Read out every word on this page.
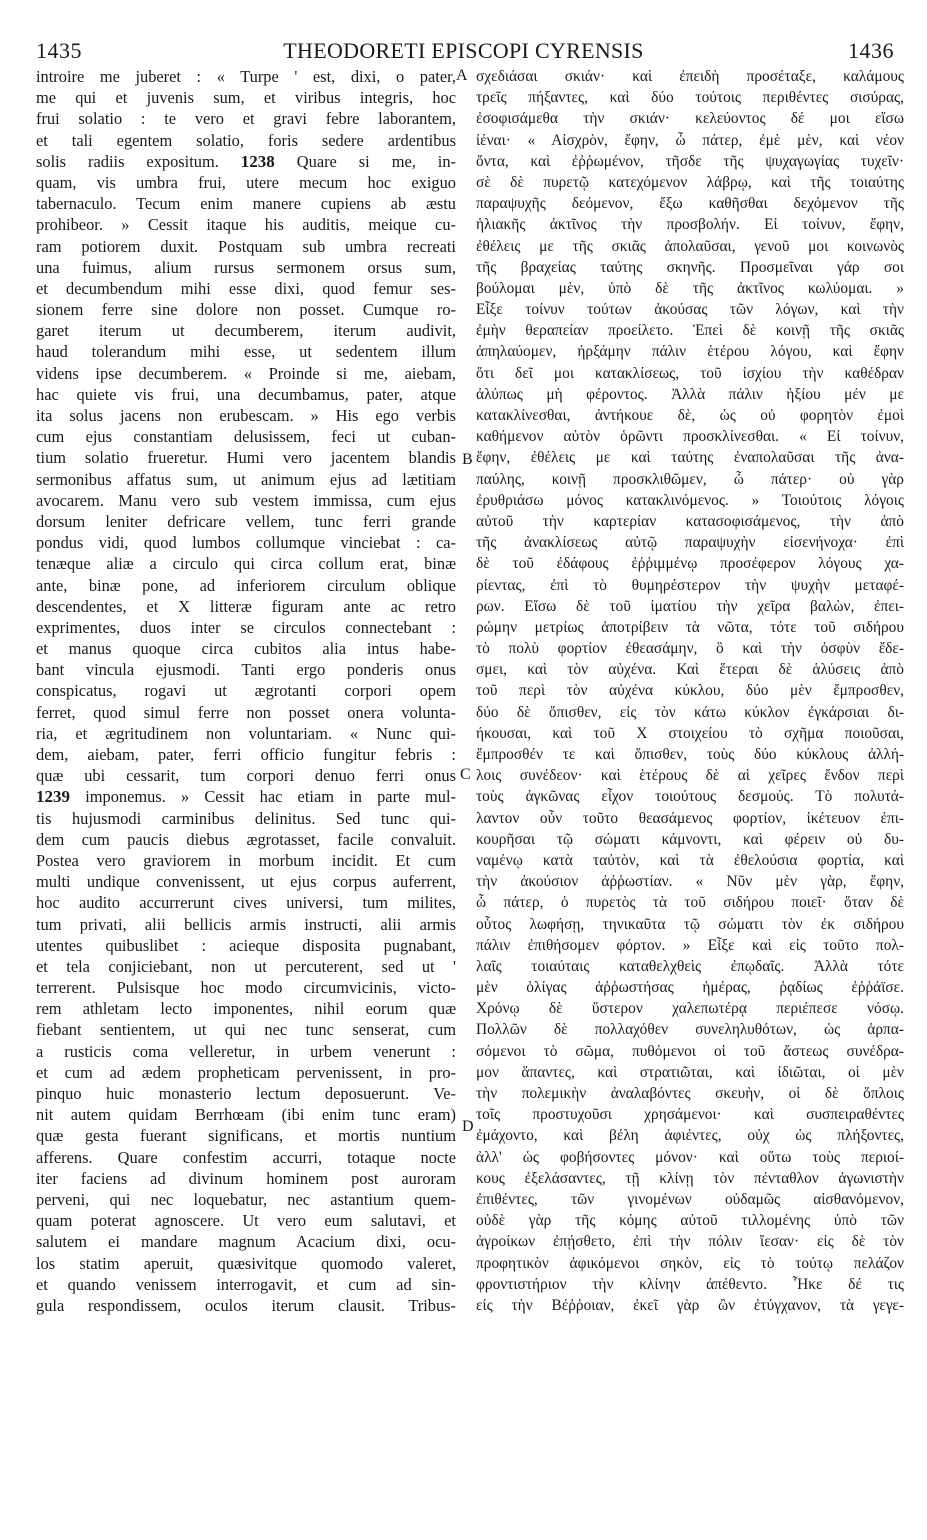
1435	THEODORETI EPISCOPI CYRENSIS	1436
A
B
C
D
introire me juberet : « Turpe ' est, dixi, o pater,
me qui et juvenis sum, et viribus integris, hoc
frui solatio : te vero et gravi febre laborantem,
et tali egentem solatio, foris sedere ardentibus
solis radiis expositum. 1238 Quare si me, in-
quam, vis umbra frui, utere mecum hoc exiguo
tabernaculo. Tecum enim manere cupiens ab æstu
prohibeor. » Cessit itaque his auditis, meique cu-
ram potiorem duxit. Postquam sub umbra recreati
una fuimus, alium rursus sermonem orsus sum,
et decumbendum mihi esse dixi, quod femur ses-
sionem ferre sine dolore non posset. Cumque ro-
garet iterum ut decumberem, iterum audivit,
haud tolerandum mihi esse, ut sedentem illum
videns ipse decumberem. « Proinde si me, aiebam,
hac quiete vis frui, una decumbamus, pater, atque
ita solus jacens non erubescam. » His ego verbis
cum ejus constantiam delusissem, feci ut cuban-
tium solatio frueretur. Humi vero jacentem blandis
sermonibus affatus sum, ut animum ejus ad lætitiam
avocarem. Manu vero sub vestem immissa, cum ejus
dorsum leniter defricare vellem, tunc ferri grande
pondus vidi, quod lumbos collumque vinciebat : ca-
tenæque aliæ a circulo qui circa collum erat, binæ
ante, binæ pone, ad inferiorem circulum oblique
descendentes, et X litteræ figuram ante ac retro
exprimentes, duos inter se circulos connectebant :
et manus quoque circa cubitos alia intus habe-
bant vincula ejusmodi. Tanti ergo ponderis onus
conspicatus, rogavi ut ægrotanti corpori opem
ferret, quod simul ferre non posset onera volunta-
ria, et ægritudinem non voluntariam. « Nunc qui-
dem, aiebam, pater, ferri officio fungitur febris :
quæ ubi cessarit, tum corpori denuo ferri onus
1239 imponemus. » Cessit hac etiam in parte mul-
tis hujusmodi carminibus delinitus. Sed tunc qui-
dem cum paucis diebus ægrotasset, facile convaluit.
Postea vero graviorem in morbum incidit. Et cum
multi undique convenissent, ut ejus corpus auferrent,
hoc audito accurrerunt cives universi, tum milites,
tum privati, alii bellicis armis instructi, alii armis
utentes quibuslibet : acieque disposita pugnabant,
et tela conjiciebant, non ut percuterent, sed ut '
terrerent. Pulsisque hoc modo circumvicinis, victo-
rem athletam lecto imponentes, nihil eorum quæ
fiebant sentientem, ut qui nec tunc senserat, cum
a rusticis coma velleretur, in urbem venerunt :
et cum ad ædem propheticam pervenissent, in pro-
pinquo huic monasterio lectum deposuerunt. Ve-
nit autem quidam Berrhœam (ibi enim tunc eram)
quæ gesta fuerant significans, et mortis nuntium
afferens. Quare confestim accurri, totaque nocte
iter faciens ad divinum hominem post auroram
perveni, qui nec loquebatur, nec astantium quem-
quam poterat agnoscere. Ut vero eum salutavi, et
salutem ei mandare magnum Acacium dixi, ocu-
los statim aperuit, quæsivitque quomodo valeret,
et quando venissem interrogavit, et cum ad sin-
gula respondissem, oculos iterum clausit. Tribus-
σχεδιάσαι σκιάν· καὶ ἐπειδὴ προσέταξε, καλάμους
τρεῖς πήξαντες, καὶ δύο τούτοις περιθέντες σισύρας,
ἐσοφισάμεθα τὴν σκιάν· κελεύοντος δέ μοι εἴσω
ἰέναι· « Αἰσχρὸν, ἔφην, ὦ πάτερ, ἐμὲ μὲν, καὶ νέον
ὄντα, καὶ ἐῤῥωμένον, τῆσδε τῆς ψυχαγωγίας τυχεῖν·
σὲ δὲ πυρετῷ κατεχόμενον λάβρῳ, καὶ τῆς τοιαύτης
παραψυχῆς δεόμενον, ἔξω καθῆσθαι δεχόμενον τῆς
ἡλιακῆς ἀκτῖνος τὴν προσβολήν. Εἰ τοίνυν, ἔφην,
ἐθέλεις με τῆς σκιᾶς ἀπολαῦσαι, γενοῦ μοι κοινωνὸς
τῆς βραχείας ταύτης σκηνῆς. Προσμεῖναι γάρ σοι
βούλομαι μὲν, ὑπὸ δὲ τῆς ἀκτῖνος κωλύομαι. »
Εἶξε τοίνυν τούτων ἀκούσας τῶν λόγων, καὶ τὴν
ἐμὴν θεραπείαν προείλετο. Ἐπεὶ δὲ κοινῇ τῆς σκιᾶς
ἀπηλαύομεν, ἠρξάμην πάλιν ἑτέρου λόγου, καὶ ἔφην
ὅτι δεῖ μοι κατακλίσεως, τοῦ ἰσχίου τὴν καθέδραν
ἀλύπως μὴ φέροντος. Ἀλλὰ πάλιν ἠξίου μέν με
κατακλίνεσθαι, ἀντήκουε δὲ, ὡς οὐ φορητὸν ἐμοὶ
καθήμενον αὐτὸν ὁρῶντι προσκλίνεσθαι. « Εἰ τοίνυν,
ἔφην, ἐθέλεις με καὶ ταύτης ἐναπολαῦσαι τῆς ἀνα-
παύλης, κοινῇ προσκλιθῶμεν, ὦ πάτερ· οὐ γὰρ
ἐρυθριάσω μόνος κατακλινόμενος. » Τοιούτοις λόγοις
αὐτοῦ τὴν καρτερίαν κατασοφισάμενος, τὴν ἀπὸ
τῆς ἀνακλίσεως αὐτῷ παραψυχὴν εἰσενήνοχα· ἐπὶ
δὲ τοῦ ἐδάφους ἐῤῥιμμένῳ προσέφερον λόγους χα-
ρίεντας, ἐπὶ τὸ θυμηρέστερον τὴν ψυχὴν μεταφέ-
ρων. Εἴσω δὲ τοῦ ἱματίου τὴν χεῖρα βαλὼν, ἐπει-
ρώμην μετρίως ἀποτρίβειν τὰ νῶτα, τότε τοῦ σιδήρου
τὸ πολὺ φορτίον ἐθεασάμην, ὃ καὶ τὴν ὀσφὺν ἔδε-
σμει, καὶ τὸν αὐχένα. Καὶ ἕτεραι δὲ ἁλύσεις ἀπὸ
τοῦ περὶ τὸν αὐχένα κύκλου, δύο μὲν ἔμπροσθεν,
δύο δὲ ὄπισθεν, εἰς τὸν κάτω κύκλον ἐγκάρσιαι δι-
ήκουσαι, καὶ τοῦ Χ στοιχείου τὸ σχῆμα ποιοῦσαι,
ἔμπροσθέν τε καὶ ὄπισθεν, τοὺς δύο κύκλους ἀλλή-
λοις συνέδεον· καὶ ἑτέρους δὲ αἱ χεῖρες ἔνδον περὶ
τοὺς ἀγκῶνας εἶχον τοιούτους δεσμούς. Τὸ πολυτά-
λαντον οὖν τοῦτο θεασάμενος φορτίον, ἱκέτευον ἐπι-
κουρῆσαι τῷ σώματι κάμνοντι, καὶ φέρειν οὐ δυ-
ναμένῳ κατὰ ταὐτὸν, καὶ τὰ ἐθελούσια φορτία, καὶ
τὴν ἀκούσιον ἀῤῥωστίαν. « Νῦν μὲν γὰρ, ἔφην,
ὦ πάτερ, ὁ πυρετὸς τὰ τοῦ σιδήρου ποιεῖ· ὅταν δὲ
οὗτος λωφήσῃ, τηνικαῦτα τῷ σώματι τὸν ἐκ σιδήρου
πάλιν ἐπιθήσομεν φόρτον. » Εἶξε καὶ εἰς τοῦτο πολ-
λαῖς τοιαύταις καταθελχθεὶς ἐπῳδαῖς. Ἀλλὰ τότε
μὲν ὀλίγας ἀῤῥωστήσας ἡμέρας, ῥᾳδίως ἐῤῥάϊσε.
Χρόνῳ δὲ ὕστερον χαλεπωτέρᾳ περιέπεσε νόσῳ.
Πολλῶν δὲ πολλαχόθεν συνεληλυθότων, ὡς ἁρπα-
σόμενοι τὸ σῶμα, πυθόμενοι οἱ τοῦ ἄστεως συνέδρα-
μον ἅπαντες, καὶ στρατιῶται, καὶ ἰδιῶται, οἱ μὲν
τὴν πολεμικὴν ἀναλαβόντες σκευὴν, οἱ δὲ ὅπλοις
τοῖς προστυχοῦσι χρησάμενοι· καὶ συσπειραθέντες
ἐμάχοντο, καὶ βέλη ἀφιέντες, οὐχ ὡς πλήξοντες,
ἀλλ' ὡς φοβήσοντες μόνον· καὶ οὕτω τοὺς περιοί-
κους ἐξελάσαντες, τῇ κλίνῃ τὸν πένταθλον ἀγωνιστὴν
ἐπιθέντες, τῶν γινομένων οὐδαμῶς αἰσθανόμενον,
οὐδὲ γὰρ τῆς κόμης αὐτοῦ τιλλομένης ὑπὸ τῶν
ἀγροίκων ἐπῄσθετο, ἐπὶ τὴν πόλιν ἴεσαν· εἰς δὲ τὸν
προφητικὸν ἀφικόμενοι σηκὸν, εἰς τὸ τούτῳ πελάζον
φροντιστήριον τὴν κλίνην ἀπέθεντο. Ἧκε δέ τις
εἰς τὴν Βέῤῥοιαν, ἐκεῖ γὰρ ὢν ἐτύγχανον, τὰ γεγε-
